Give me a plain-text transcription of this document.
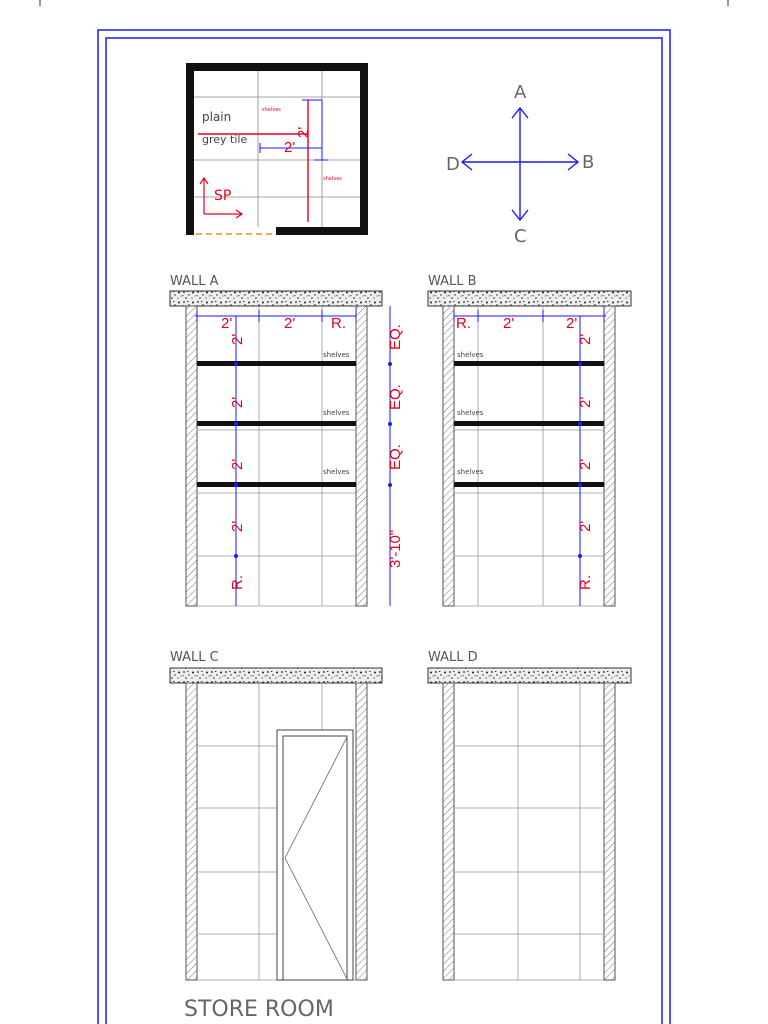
plain
grey tile
shelves
shelves
2'
2'
SP
A
B
C
D
WALL A
2'	2' R.
2'
2'
2'
2'
R.
EQ.
EQ.
EQ.
3'-10"
shelves
shelves
shelves
WALL B
R. 2'	2'
2'
2'
2'
2'
R.
shelves
shelves
shelves
WALL C	WALL D
STORE ROOM
